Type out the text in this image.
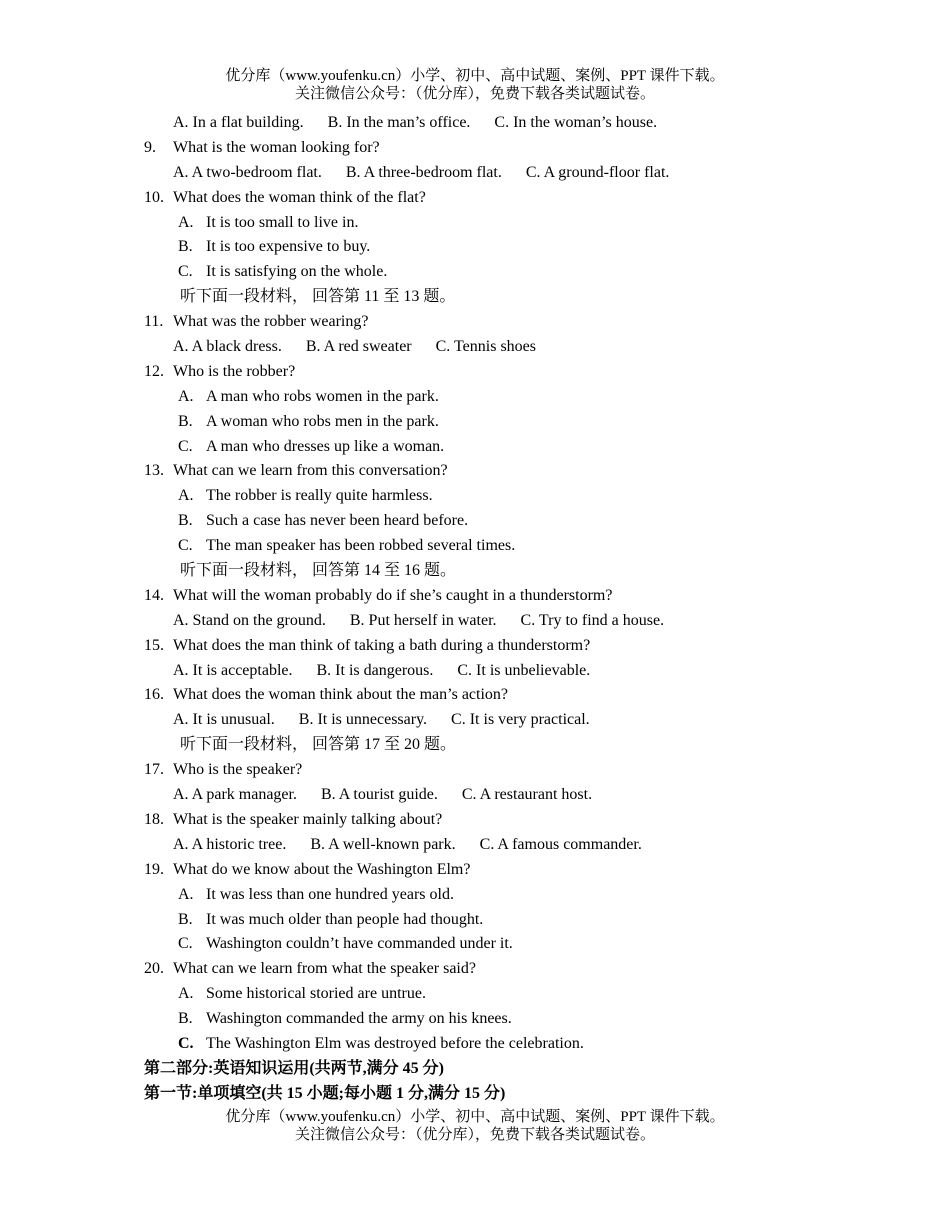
优分库（www.youfenku.cn）小学、初中、高中试题、案例、PPT 课件下载。
关注微信公众号：（优分库），免费下载各类试题试卷。
A. In a flat building. B. In the man’s office. C. In the woman’s house.
9. What is the woman looking for?
A. A two-bedroom flat. B. A three-bedroom flat. C. A ground-floor flat.
10. What does the woman think of the flat?
A. It is too small to live in.
B. It is too expensive to buy.
C. It is satisfying on the whole.
听下面一段材料， 回答第 11 至 13 题。
11. What was the robber wearing?
A. A black dress. B. A red sweater C. Tennis shoes
12. Who is the robber?
A. A man who robs women in the park.
B. A woman who robs men in the park.
C. A man who dresses up like a woman.
13. What can we learn from this conversation?
A. The robber is really quite harmless.
B. Such a case has never been heard before.
C. The man speaker has been robbed several times.
听下面一段材料， 回答第 14 至 16 题。
14. What will the woman probably do if she’s caught in a thunderstorm?
A. Stand on the ground. B. Put herself in water. C. Try to find a house.
15. What does the man think of taking a bath during a thunderstorm?
A. It is acceptable. B. It is dangerous. C. It is unbelievable.
16. What does the woman think about the man’s action?
A. It is unusual. B. It is unnecessary. C. It is very practical.
听下面一段材料， 回答第 17 至 20 题。
17. Who is the speaker?
A. A park manager. B. A tourist guide. C. A restaurant host.
18. What is the speaker mainly talking about?
A. A historic tree. B. A well-known park. C. A famous commander.
19. What do we know about the Washington Elm?
A. It was less than one hundred years old.
B. It was much older than people had thought.
C. Washington couldn’t have commanded under it.
20. What can we learn from what the speaker said?
A. Some historical storied are untrue.
B. Washington commanded the army on his knees.
C. The Washington Elm was destroyed before the celebration.
第二部分:英语知识运用(共两节,满分 45 分)
第一节:单项填空(共 15 小题;每小题 1 分,满分 15 分)
优分库（www.youfenku.cn）小学、初中、高中试题、案例、PPT 课件下载。
关注微信公众号：（优分库），免费下载各类试题试卷。
